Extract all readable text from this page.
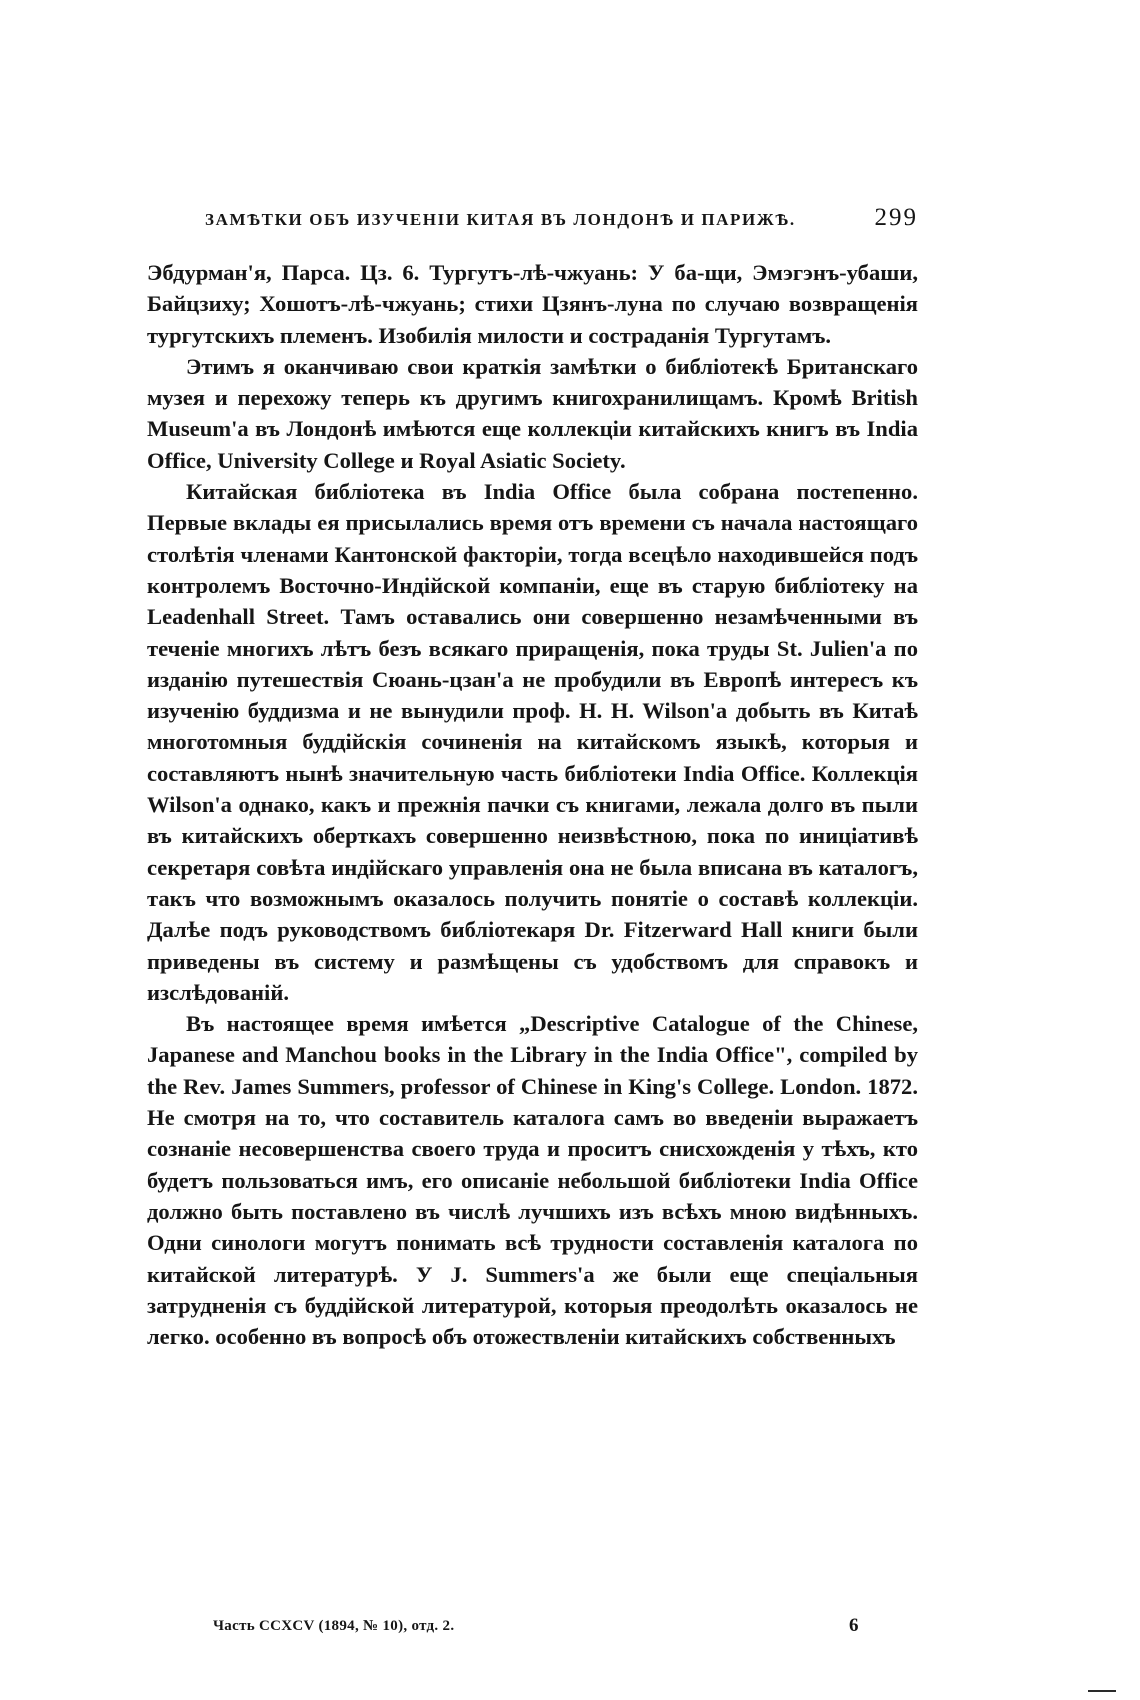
ЗАМѢТКИ ОБЪ ИЗУЧЕНІИ КИТАЯ ВЪ ЛОНДОНѢ И ПАРИЖѢ.	299

Эбдурман'я, Парса. Цз. 6. Тургутъ-лѣ-чжуань: У ба-щи, Эмэгэнъ-убаши, Байцзиху; Хошотъ-лѣ-чжуань; стихи Цзянъ-луна по случаю возвращенія тургутскихъ племенъ. Изобилія милости и состраданія Тургутамъ.

Этимъ я оканчиваю свои краткія замѣтки о библіотекѣ Британскаго музея и перехожу теперь къ другимъ книгохранилищамъ. Кромѣ British Museum'а въ Лондонѣ имѣются еще коллекціи китайскихъ книгъ въ India Office, University College и Royal Asiatic Society.

Китайская библіотека въ India Office была собрана постепенно. Первые вклады ея присылались время отъ времени съ начала настоящаго столѣтія членами Кантонской факторіи, тогда всецѣло находившейся подъ контролемъ Восточно-Индійской компаніи, еще въ старую библіотеку на Leadenhall Street. Тамъ оставались они совершенно незамѣченными въ теченіе многихъ лѣтъ безъ всякаго приращенія, пока труды St. Julien'а по изданію путешествія Сюань-цзан'а не пробудили въ Европѣ интересъ къ изученію буддизма и не вынудили проф. H. H. Wilson'а добыть въ Китаѣ многотомныя буддійскія сочиненія на китайскомъ языкѣ, которыя и составляютъ нынѣ значительную часть библіотеки India Office. Коллекція Wilson'а однако, какъ и прежнія пачки съ книгами, лежала долго въ пыли въ китайскихъ оберткахъ совершенно неизвѣстною, пока по иниціативѣ секретаря совѣта индійскаго управленія она не была вписана въ каталогъ, такъ что возможнымъ оказалось получить понятіе о составѣ коллекціи. Далѣе подъ руководствомъ библіотекаря Dr. Fitzerward Hall книги были приведены въ систему и размѣщены съ удобствомъ для справокъ и изслѣдованій.

Въ настоящее время имѣется „Descriptive Catalogue of the Chinese, Japanese and Manchou books in the Library in the India Office", compiled by the Rev. James Summers, professor of Chinese in King's College. London. 1872. Не смотря на то, что составитель каталога самъ во введеніи выражаетъ сознаніе несовершенства своего труда и проситъ снисхожденія у тѣхъ, кто будетъ пользоваться имъ, его описаніе небольшой библіотеки India Office должно быть поставлено въ числѣ лучшихъ изъ всѣхъ мною видѣнныхъ. Одни синологи могутъ понимать всѣ трудности составленія каталога по китайской литературѣ. У J. Summers'а же были еще спеціальныя затрудненія съ буддійской литературой, которыя преодолѣть оказалось не легко. особенно въ вопросѣ объ отожествленіи китайскихъ собственныхъ

Часть CCXCV (1894, № 10), отд. 2.	6
